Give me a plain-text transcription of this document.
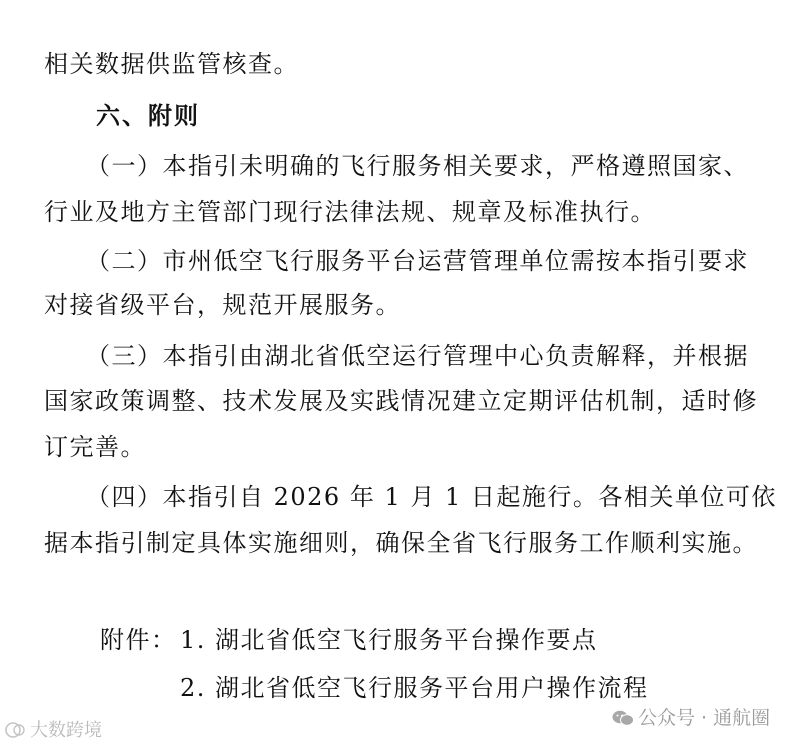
相关数据供监管核查。
六、附则
（一）本指引未明确的飞行服务相关要求，严格遵照国家、
行业及地方主管部门现行法律法规、规章及标准执行。
（二）市州低空飞行服务平台运营管理单位需按本指引要求
对接省级平台，规范开展服务。
（三）本指引由湖北省低空运行管理中心负责解释，并根据
国家政策调整、技术发展及实践情况建立定期评估机制，适时修
订完善。
（四）本指引自 2026 年 1 月 1 日起施行。各相关单位可依
据本指引制定具体实施细则，确保全省飞行服务工作顺利实施。
附件： 1. 湖北省低空飞行服务平台操作要点
2. 湖北省低空飞行服务平台用户操作流程
大数跨境
公众号 · 通航圈
